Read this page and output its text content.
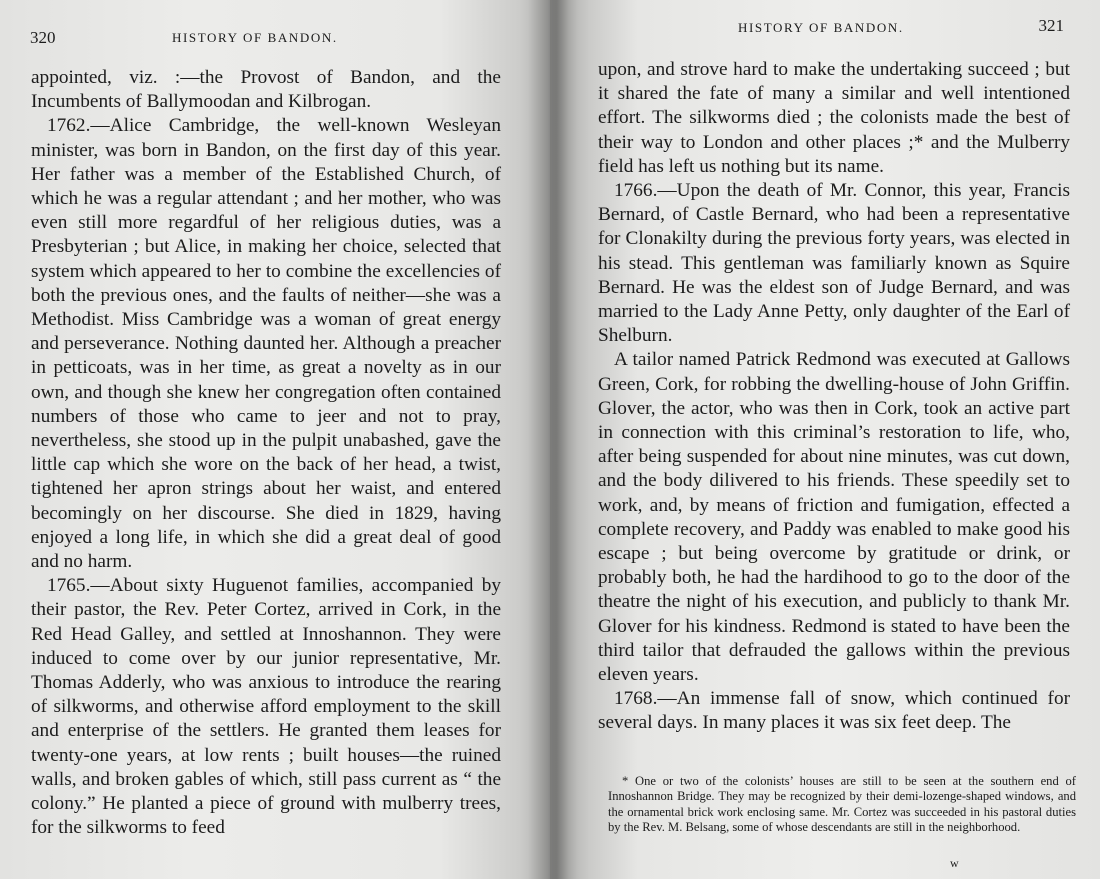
320	HISTORY OF BANDON.

appointed, viz. :—the Provost of Bandon, and the Incumbents of Ballymoodan and Kilbrogan.

1762.—Alice Cambridge, the well-known Wesleyan minister, was born in Bandon, on the first day of this year. Her father was a member of the Established Church, of which he was a regular attendant ; and her mother, who was even still more regardful of her religious duties, was a Presbyterian ; but Alice, in making her choice, selected that system which appeared to her to combine the excellencies of both the previous ones, and the faults of neither—she was a Methodist. Miss Cambridge was a woman of great energy and perseverance. Nothing daunted her. Although a preacher in petticoats, was in her time, as great a novelty as in our own, and though she knew her congregation often contained numbers of those who came to jeer and not to pray, nevertheless, she stood up in the pulpit unabashed, gave the little cap which she wore on the back of her head, a twist, tightened her apron strings about her waist, and entered becomingly on her discourse. She died in 1829, having enjoyed a long life, in which she did a great deal of good and no harm.

1765.—About sixty Huguenot families, accompanied by their pastor, the Rev. Peter Cortez, arrived in Cork, in the Red Head Galley, and settled at Innoshannon. They were induced to come over by our junior representative, Mr. Thomas Adderly, who was anxious to introduce the rearing of silkworms, and otherwise afford employment to the skill and enterprise of the settlers. He granted them leases for twenty-one years, at low rents ; built houses—the ruined walls, and broken gables of which, still pass current as “ the colony.” He planted a piece of ground with mulberry trees, for the silkworms to feed

HISTORY OF BANDON.	321

upon, and strove hard to make the undertaking succeed ; but it shared the fate of many a similar and well intentioned effort. The silkworms died ; the colonists made the best of their way to London and other places ;* and the Mulberry field has left us nothing but its name.

1766.—Upon the death of Mr. Connor, this year, Francis Bernard, of Castle Bernard, who had been a representative for Clonakilty during the previous forty years, was elected in his stead. This gentleman was familiarly known as Squire Bernard. He was the eldest son of Judge Bernard, and was married to the Lady Anne Petty, only daughter of the Earl of Shelburn.

A tailor named Patrick Redmond was executed at Gallows Green, Cork, for robbing the dwelling-house of John Griffin. Glover, the actor, who was then in Cork, took an active part in connection with this criminal’s restoration to life, who, after being suspended for about nine minutes, was cut down, and the body dilivered to his friends. These speedily set to work, and, by means of friction and fumigation, effected a complete recovery, and Paddy was enabled to make good his escape ; but being overcome by gratitude or drink, or probably both, he had the hardihood to go to the door of the theatre the night of his execution, and publicly to thank Mr. Glover for his kindness. Redmond is stated to have been the third tailor that defrauded the gallows within the previous eleven years.

1768.—An immense fall of snow, which continued for several days. In many places it was six feet deep. The

* One or two of the colonists’ houses are still to be seen at the southern end of Innoshannon Bridge. They may be recognized by their demi-lozenge-shaped windows, and the ornamental brick work enclosing same. Mr. Cortez was succeeded in his pastoral duties by the Rev. M. Belsang, some of whose descendants are still in the neighborhood.

w
